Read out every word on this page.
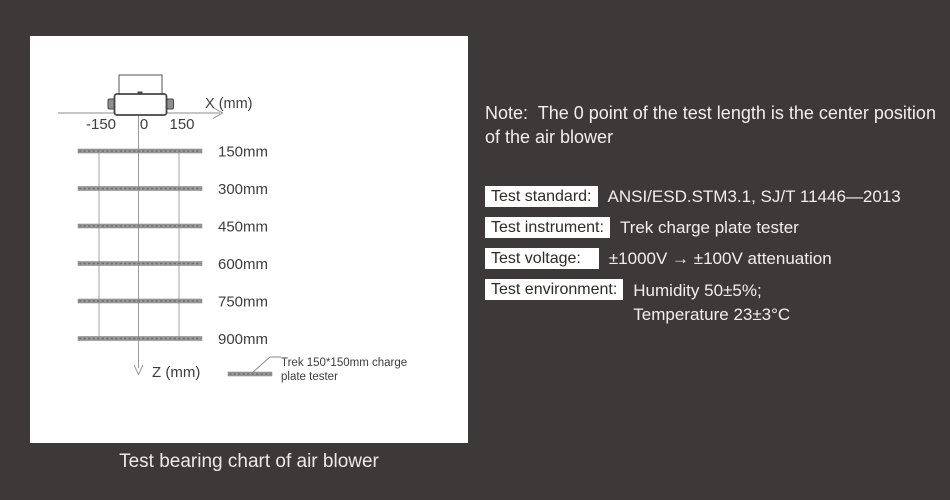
X (mm)
-150 0 150
150mm
300mm
450mm
600mm
750mm
900mm
Z (mm)
Trek 150*150mm charge
plate tester
Test bearing chart of air blower

Note:  The 0 point of the test length is the center position of the air blower

Test standard: ANSI/ESD.STM3.1, SJ/T 11446—2013
Test instrument: Trek charge plate tester
Test voltage:	±1000V → ±100V attenuation
Test environment: Humidity 50±5%;
Temperature 23±3°C
